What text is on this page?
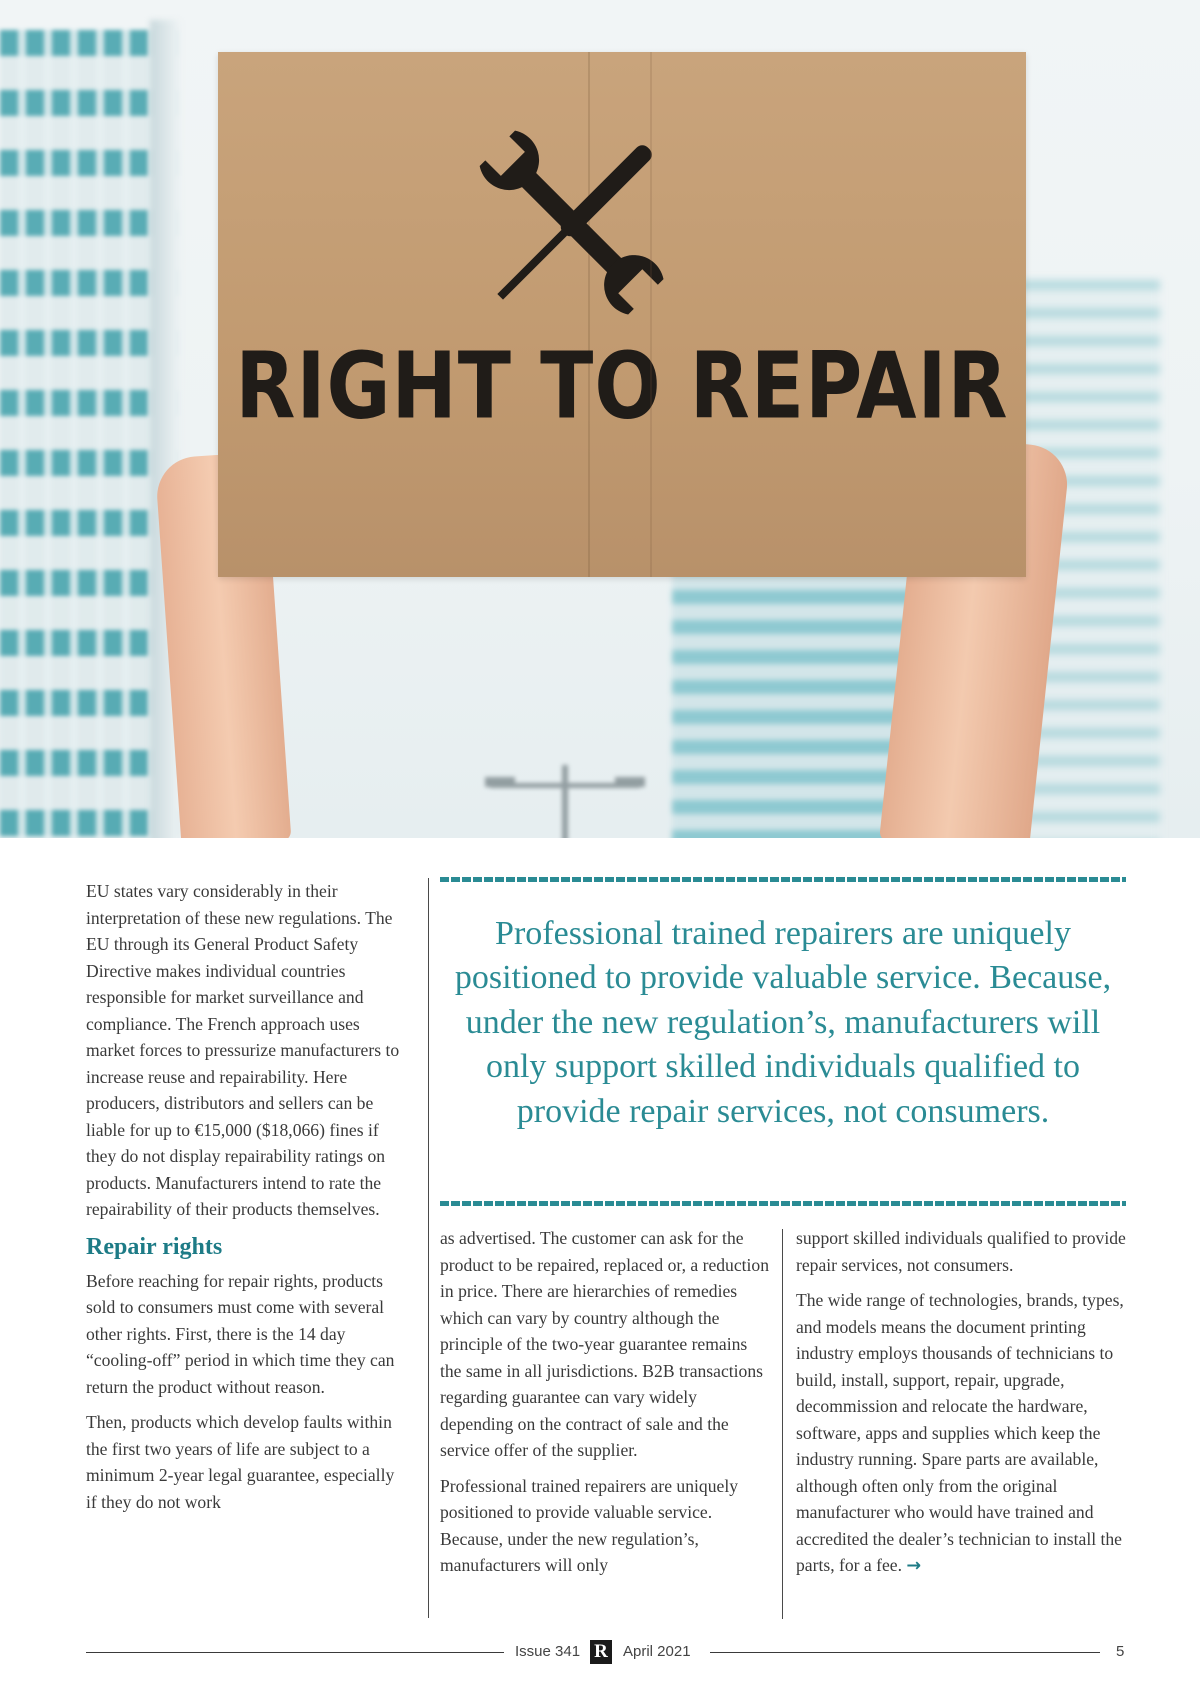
RIGHT TO REPAIR

EU states vary considerably in their interpretation of these new regulations. The EU through its General Product Safety Directive makes individual countries responsible for market surveillance and compliance. The French approach uses market forces to pressurize manufacturers to increase reuse and repairability. Here producers, distributors and sellers can be liable for up to €15,000 ($18,066) fines if they do not display repairability ratings on products. Manufacturers intend to rate the repairability of their products themselves.

Repair rights

Before reaching for repair rights, products sold to consumers must come with several other rights. First, there is the 14 day “cooling-off” period in which time they can return the product without reason.

Then, products which develop faults within the first two years of life are subject to a minimum 2-year legal guarantee, especially if they do not work

Professional trained repairers are uniquely positioned to provide valuable service. Because, under the new regulation’s, manufacturers will only support skilled individuals qualified to provide repair services, not consumers.

as advertised. The customer can ask for the product to be repaired, replaced or, a reduction in price. There are hierarchies of remedies which can vary by country although the principle of the two-year guarantee remains the same in all jurisdictions. B2B transactions regarding guarantee can vary widely depending on the contract of sale and the service offer of the supplier.

Professional trained repairers are uniquely positioned to provide valuable service. Because, under the new regulation’s, manufacturers will only

support skilled individuals qualified to provide repair services, not consumers.

The wide range of technologies, brands, types, and models means the document printing industry employs thousands of technicians to build, install, support, repair, upgrade, decommission and relocate the hardware, software, apps and supplies which keep the industry running. Spare parts are available, although often only from the original manufacturer who would have trained and accredited the dealer’s technician to install the parts, for a fee. →

Issue 341 R April 2021	5
